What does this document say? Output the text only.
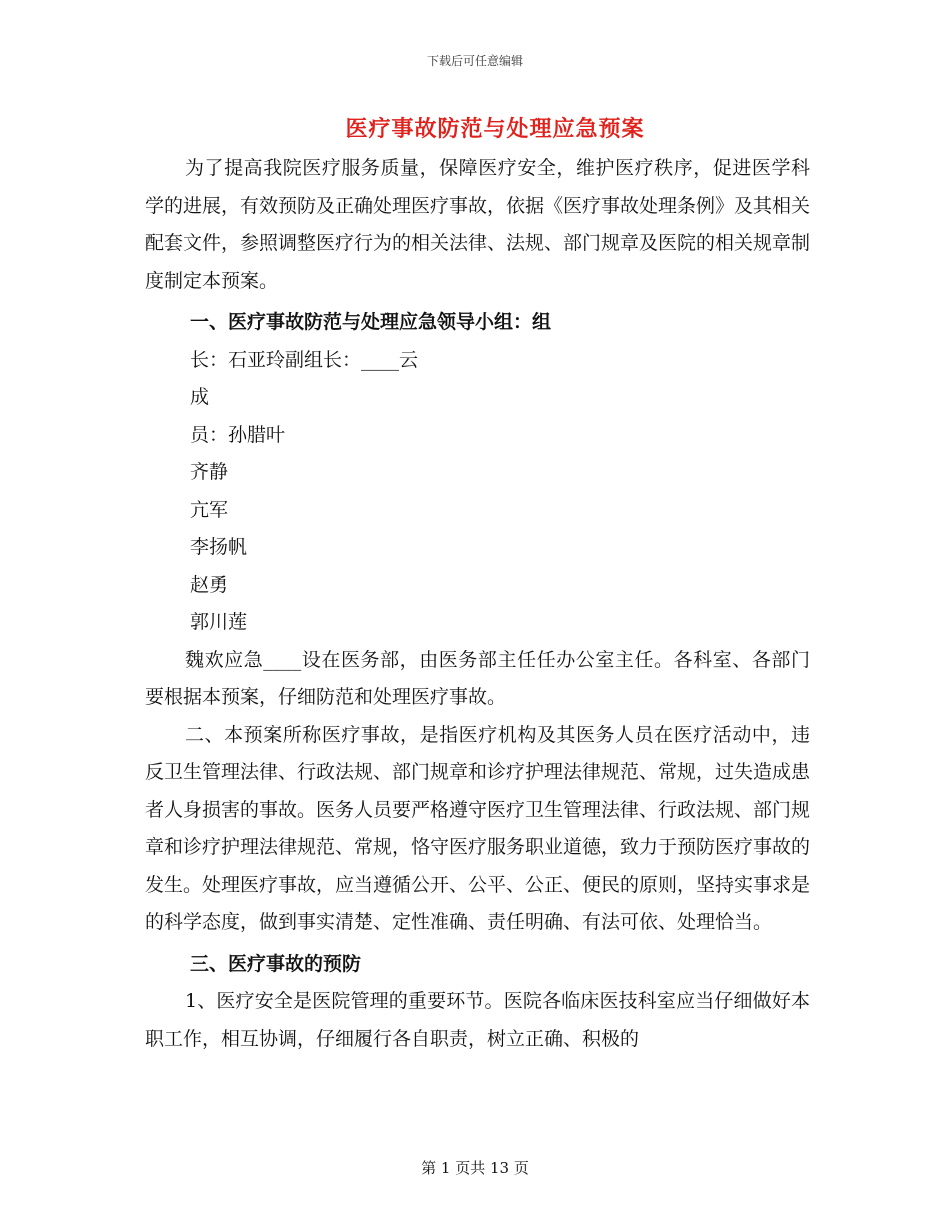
下载后可任意编辑
医疗事故防范与处理应急预案

为了提高我院医疗服务质量，保障医疗安全，维护医疗秩序，促进医学科学的进展，有效预防及正确处理医疗事故，依据《医疗事故处理条例》及其相关配套文件，参照调整医疗行为的相关法律、法规、部门规章及医院的相关规章制度制定本预案。

一、医疗事故防范与处理应急领导小组：组

长：石亚玲副组长：____云

成

员：孙腊叶

齐静

亢军

李扬帆

赵勇

郭川莲

魏欢应急____设在医务部，由医务部主任任办公室主任。各科室、各部门要根据本预案，仔细防范和处理医疗事故。

二、本预案所称医疗事故，是指医疗机构及其医务人员在医疗活动中，违反卫生管理法律、行政法规、部门规章和诊疗护理法律规范、常规，过失造成患者人身损害的事故。医务人员要严格遵守医疗卫生管理法律、行政法规、部门规章和诊疗护理法律规范、常规，恪守医疗服务职业道德，致力于预防医疗事故的发生。处理医疗事故，应当遵循公开、公平、公正、便民的原则，坚持实事求是的科学态度，做到事实清楚、定性准确、责任明确、有法可依、处理恰当。

三、医疗事故的预防

1、医疗安全是医院管理的重要环节。医院各临床医技科室应当仔细做好本职工作，相互协调，仔细履行各自职责，树立正确、积极的

第 1 页共 13 页
